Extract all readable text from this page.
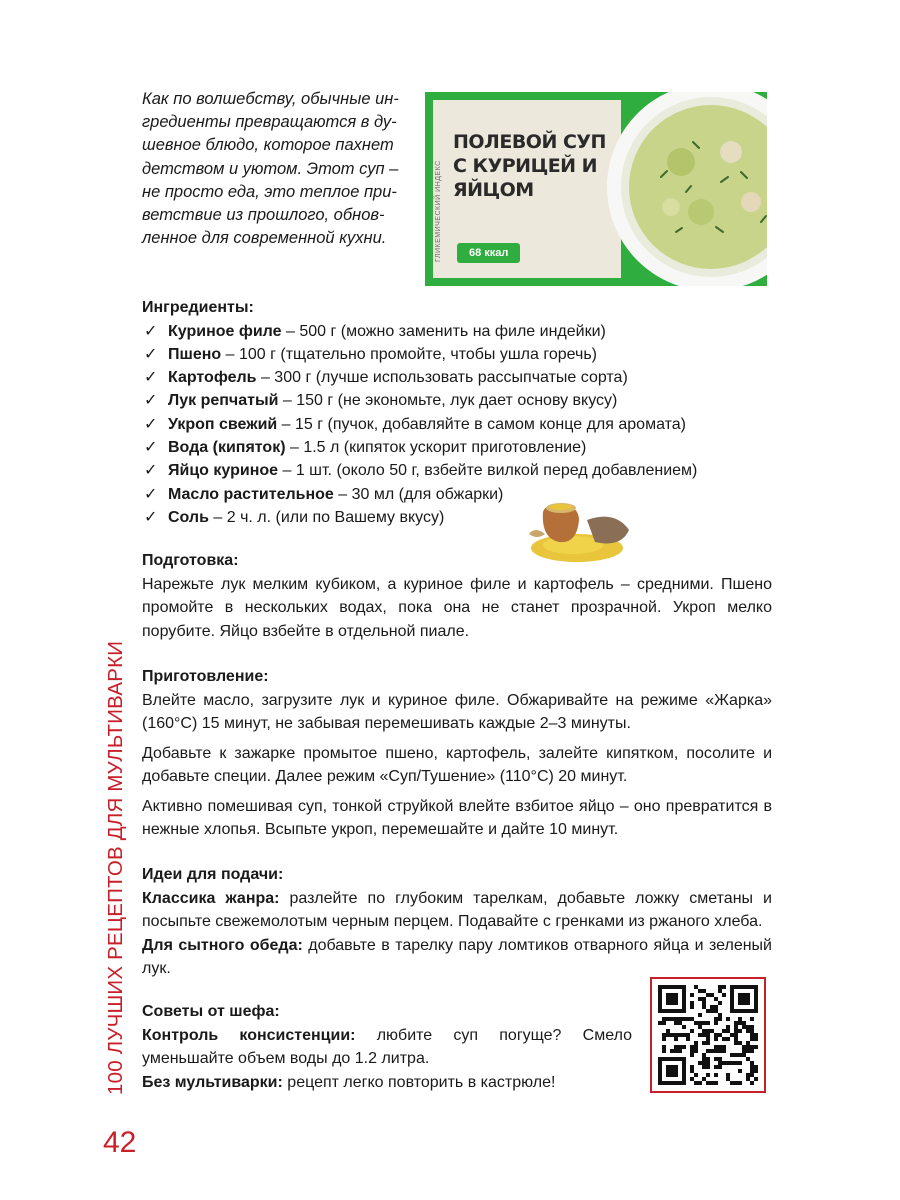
Как по волшебству, обычные ин-
гредиенты превращаются в ду-
шевное блюдо, которое пахнет
детством и уютом. Этот суп –
не просто еда, это теплое при-
ветствие из прошлого, обнов-
ленное для современной кухни.	ГЛИКЕМИЧЕСКИЙ ИНДЕКС
ПОЛЕВОЙ СУП С КУРИЦЕЙ И ЯЙЦОМ
68 ккал
Ингредиенты:
✓ Куриное филе – 500 г (можно заменить на филе индейки)
✓ Пшено – 100 г (тщательно промойте, чтобы ушла горечь)
✓ Картофель – 300 г (лучше использовать рассыпчатые сорта)
✓ Лук репчатый – 150 г (не экономьте, лук дает основу вкусу)
✓ Укроп свежий – 15 г (пучок, добавляйте в самом конце для аромата)
✓ Вода (кипяток) – 1.5 л (кипяток ускорит приготовление)
✓ Яйцо куриное – 1 шт. (около 50 г, взбейте вилкой перед добавлением)
✓ Масло растительное – 30 мл (для обжарки)
✓ Соль – 2 ч. л. (или по Вашему вкусу)
Подготовка:

Нарежьте лук мелким кубиком, а куриное филе и картофель – средними. Пшено промойте в нескольких водах, пока она не станет прозрачной. Укроп мелко порубите. Яйцо взбейте в отдельной пиале.

Приготовление:

Влейте масло, загрузите лук и куриное филе. Обжаривайте на режиме «Жарка» (160°С) 15 минут, не забывая перемешивать каждые 2–3 минуты.

Добавьте к зажарке промытое пшено, картофель, залейте кипятком, посолите и добавьте специи. Далее режим «Суп/Тушение» (110°С) 20 минут.

Активно помешивая суп, тонкой струйкой влейте взбитое яйцо – оно превратится в нежные хлопья. Всыпьте укроп, перемешайте и дайте 10 минут.

Идеи для подачи:

Классика жанра: разлейте по глубоким тарелкам, добавьте ложку сметаны и посыпьте свежемолотым черным перцем. Подавайте с гренками из ржаного хлеба.

Для сытного обеда: добавьте в тарелку пару ломтиков отварного яйца и зеленый лук.

Советы от шефа:

Контроль консистенции: любите суп погуще? Смело уменьшайте объем воды до 1.2 литра.

Без мультиварки: рецепт легко повторить в кастрюле!

100 ЛУЧШИХ РЕЦЕПТОВ ДЛЯ МУЛЬТИВАРКИ
42
